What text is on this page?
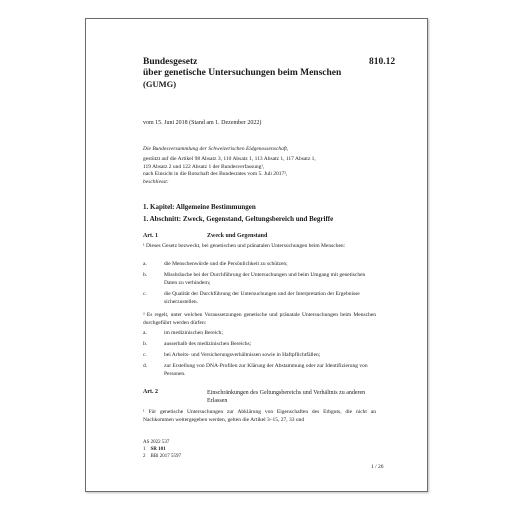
810.12
Bundesgesetz
über genetische Untersuchungen beim Menschen
(GUMG)
vom 15. Juni 2018 (Stand am 1. Dezember 2022)
Die Bundesversammlung der Schweizerischen Eidgenossenschaft,
gestützt auf die Artikel 98 Absatz 3, 110 Absatz 1, 113 Absatz 1, 117 Absatz 1,
119 Absatz 2 und 122 Absatz 1 der Bundesverfassung¹,
nach Einsicht in die Botschaft des Bundesrates vom 5. Juli 2017²,
beschliesst:
1. Kapitel: Allgemeine Bestimmungen
1. Abschnitt: Zweck, Gegenstand, Geltungsbereich und Begriffe
Art. 1	Zweck und Gegenstand
¹ Dieses Gesetz bezweckt, bei genetischen und pränatalen Untersuchungen beim Menschen:
a.	die Menschenwürde und die Persönlichkeit zu schützen;
b.	Missbräuche bei der Durchführung der Untersuchungen und beim Umgang mit genetischen Daten zu verhindern;
c.	die Qualität der Durchführung der Untersuchungen und der Interpretation der Ergebnisse sicherzustellen.
² Es regelt, unter welchen Voraussetzungen genetische und pränatale Untersuchungen beim Menschen durchgeführt werden dürfen:
a.	im medizinischen Bereich;
b.	ausserhalb des medizinischen Bereichs;
c.	bei Arbeits- und Versicherungsverhältnissen sowie in Haftpflichtfällen;
d.	zur Erstellung von DNA-Profilen zur Klärung der Abstammung oder zur Identifizierung von Personen.
Art. 2	Einschränkungen des Geltungsbereichs und Verhältnis zu anderen
Erlassen
¹ Für genetische Untersuchungen zur Abklärung von Eigenschaften des Erbguts, die nicht an Nachkommen weitergegeben werden, gelten die Artikel 3–15, 27, 33 und
AS 2022 537
1 SR 101
2 BBl 2017 5597
1 / 26
